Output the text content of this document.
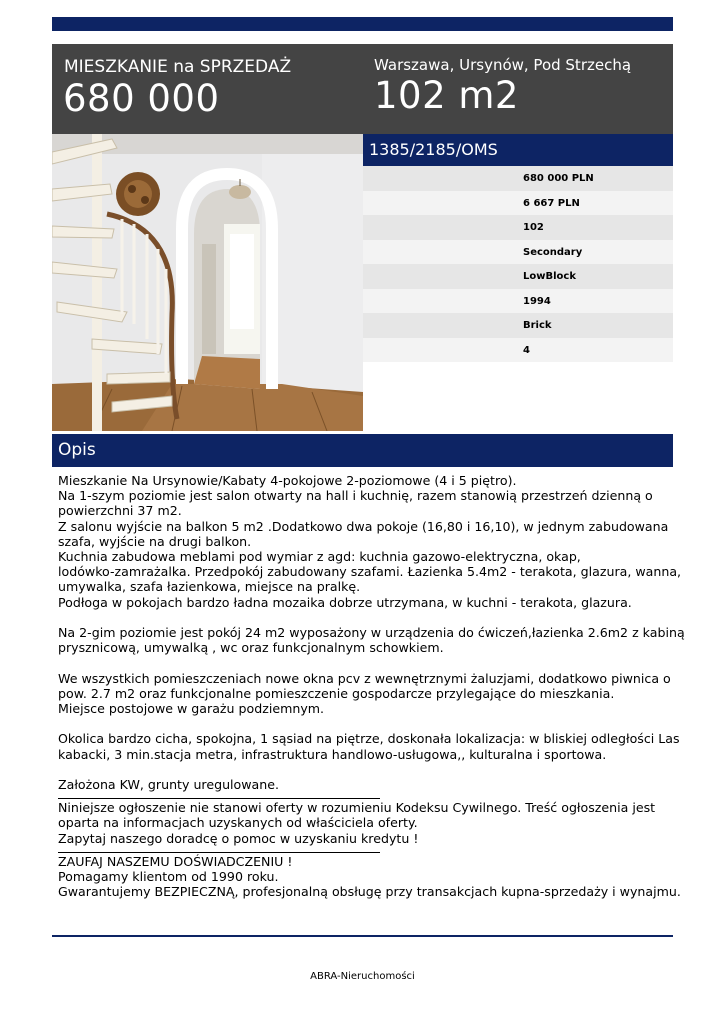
MIESZKANIE na SPRZEDAŻ
680 000
Warszawa, Ursynów, Pod Strzechą
102 m2
1385/2185/OMS
680 000 PLN
6 667 PLN
102
Secondary
LowBlock
1994
Brick
4
Opis
Mieszkanie Na Ursynowie/Kabaty 4-pokojowe 2-poziomowe (4 i 5 piętro).
Na 1-szym poziomie jest salon otwarty na hall i kuchnię, razem stanowią przestrzeń dzienną o
powierzchni 37 m2.
Z salonu wyjście na balkon 5 m2 .Dodatkowo dwa pokoje (16,80 i 16,10), w jednym zabudowana
szafa, wyjście na drugi balkon.
Kuchnia zabudowa meblami pod wymiar z agd: kuchnia gazowo-elektryczna, okap,
lodówko-zamrażalka. Przedpokój zabudowany szafami. Łazienka 5.4m2 - terakota, glazura, wanna,
umywalka, szafa łazienkowa, miejsce na pralkę.
Podłoga w pokojach bardzo ładna mozaika dobrze utrzymana, w kuchni - terakota, glazura.
Na 2-gim poziomie jest pokój 24 m2 wyposażony w urządzenia do ćwiczeń,łazienka 2.6m2 z kabiną
prysznicową, umywalką , wc oraz funkcjonalnym schowkiem.
We wszystkich pomieszczeniach nowe okna pcv z wewnętrznymi żaluzjami, dodatkowo piwnica o
pow. 2.7 m2 oraz funkcjonalne pomieszczenie gospodarcze przylegające do mieszkania.
Miejsce postojowe w garażu podziemnym.
Okolica bardzo cicha, spokojna, 1 sąsiad na piętrze, doskonała lokalizacja: w bliskiej odległości Las
kabacki, 3 min.stacja metra, infrastruktura handlowo-usługowa,, kulturalna i sportowa.
Założona KW, grunty uregulowane.
Niniejsze ogłoszenie nie stanowi oferty w rozumieniu Kodeksu Cywilnego. Treść ogłoszenia jest
oparta na informacjach uzyskanych od właściciela oferty.
Zapytaj naszego doradcę o pomoc w uzyskaniu kredytu !
ZAUFAJ NASZEMU DOŚWIADCZENIU !
Pomagamy klientom od 1990 roku.
Gwarantujemy BEZPIECZNĄ, profesjonalną obsługę przy transakcjach kupna-sprzedaży i wynajmu.
ABRA-Nieruchomości
